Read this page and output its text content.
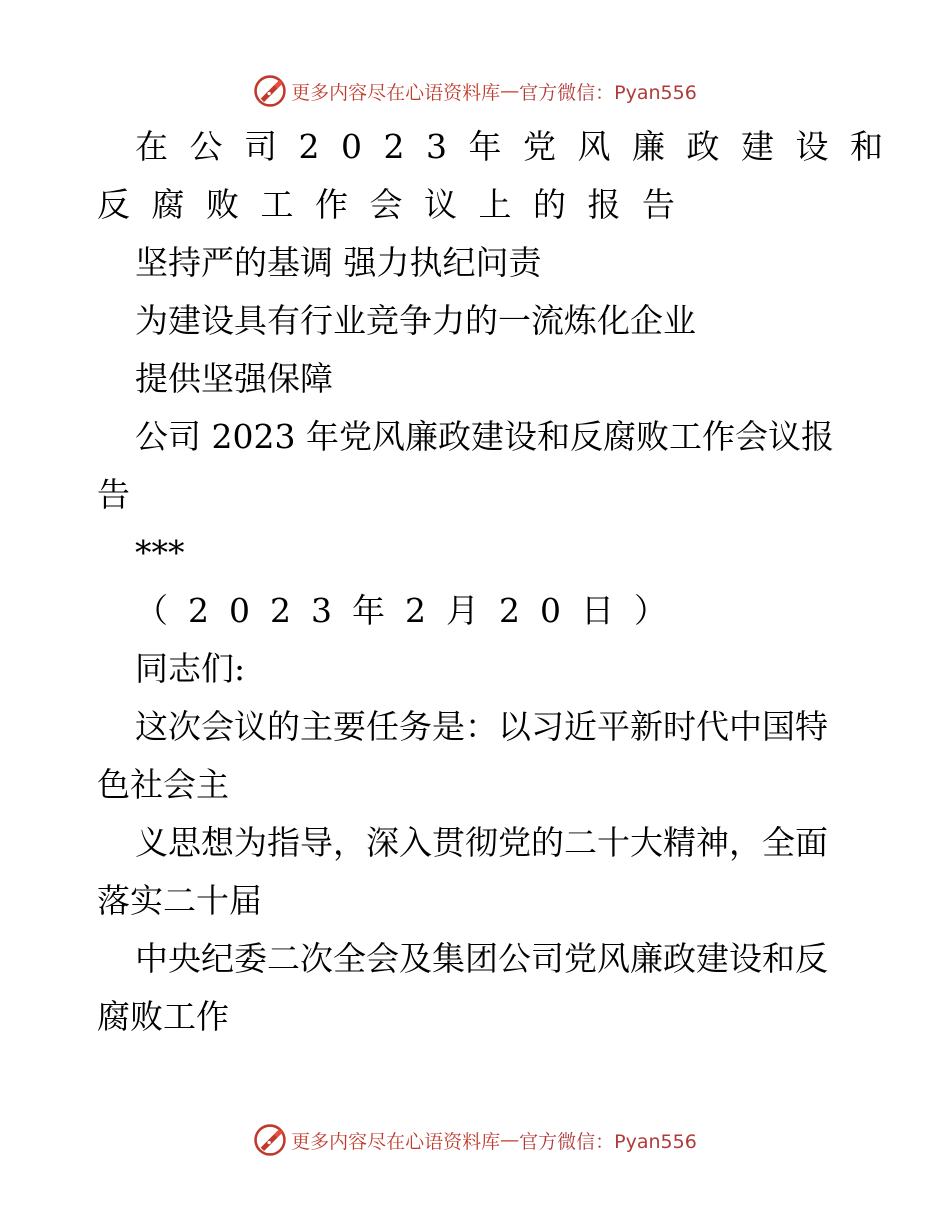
更多内容尽在心语资料库 — 官方微信：Pyan556
在公司2023年党风廉政建设和
反腐败工作会议上的报告
坚持严的基调 强力执纪问责
为建设具有行业竞争力的一流炼化企业
提供坚强保障
公司 2023 年党风廉政建设和反腐败工作会议报
告
***
（2023年2月20日）
同志们:
这次会议的主要任务是：以习近平新时代中国特
色社会主
义思想为指导，深入贯彻党的二十大精神，全面
落实二十届
中央纪委二次全会及集团公司党风廉政建设和反
腐败工作
更多内容尽在心语资料库 — 官方微信：Pyan556
